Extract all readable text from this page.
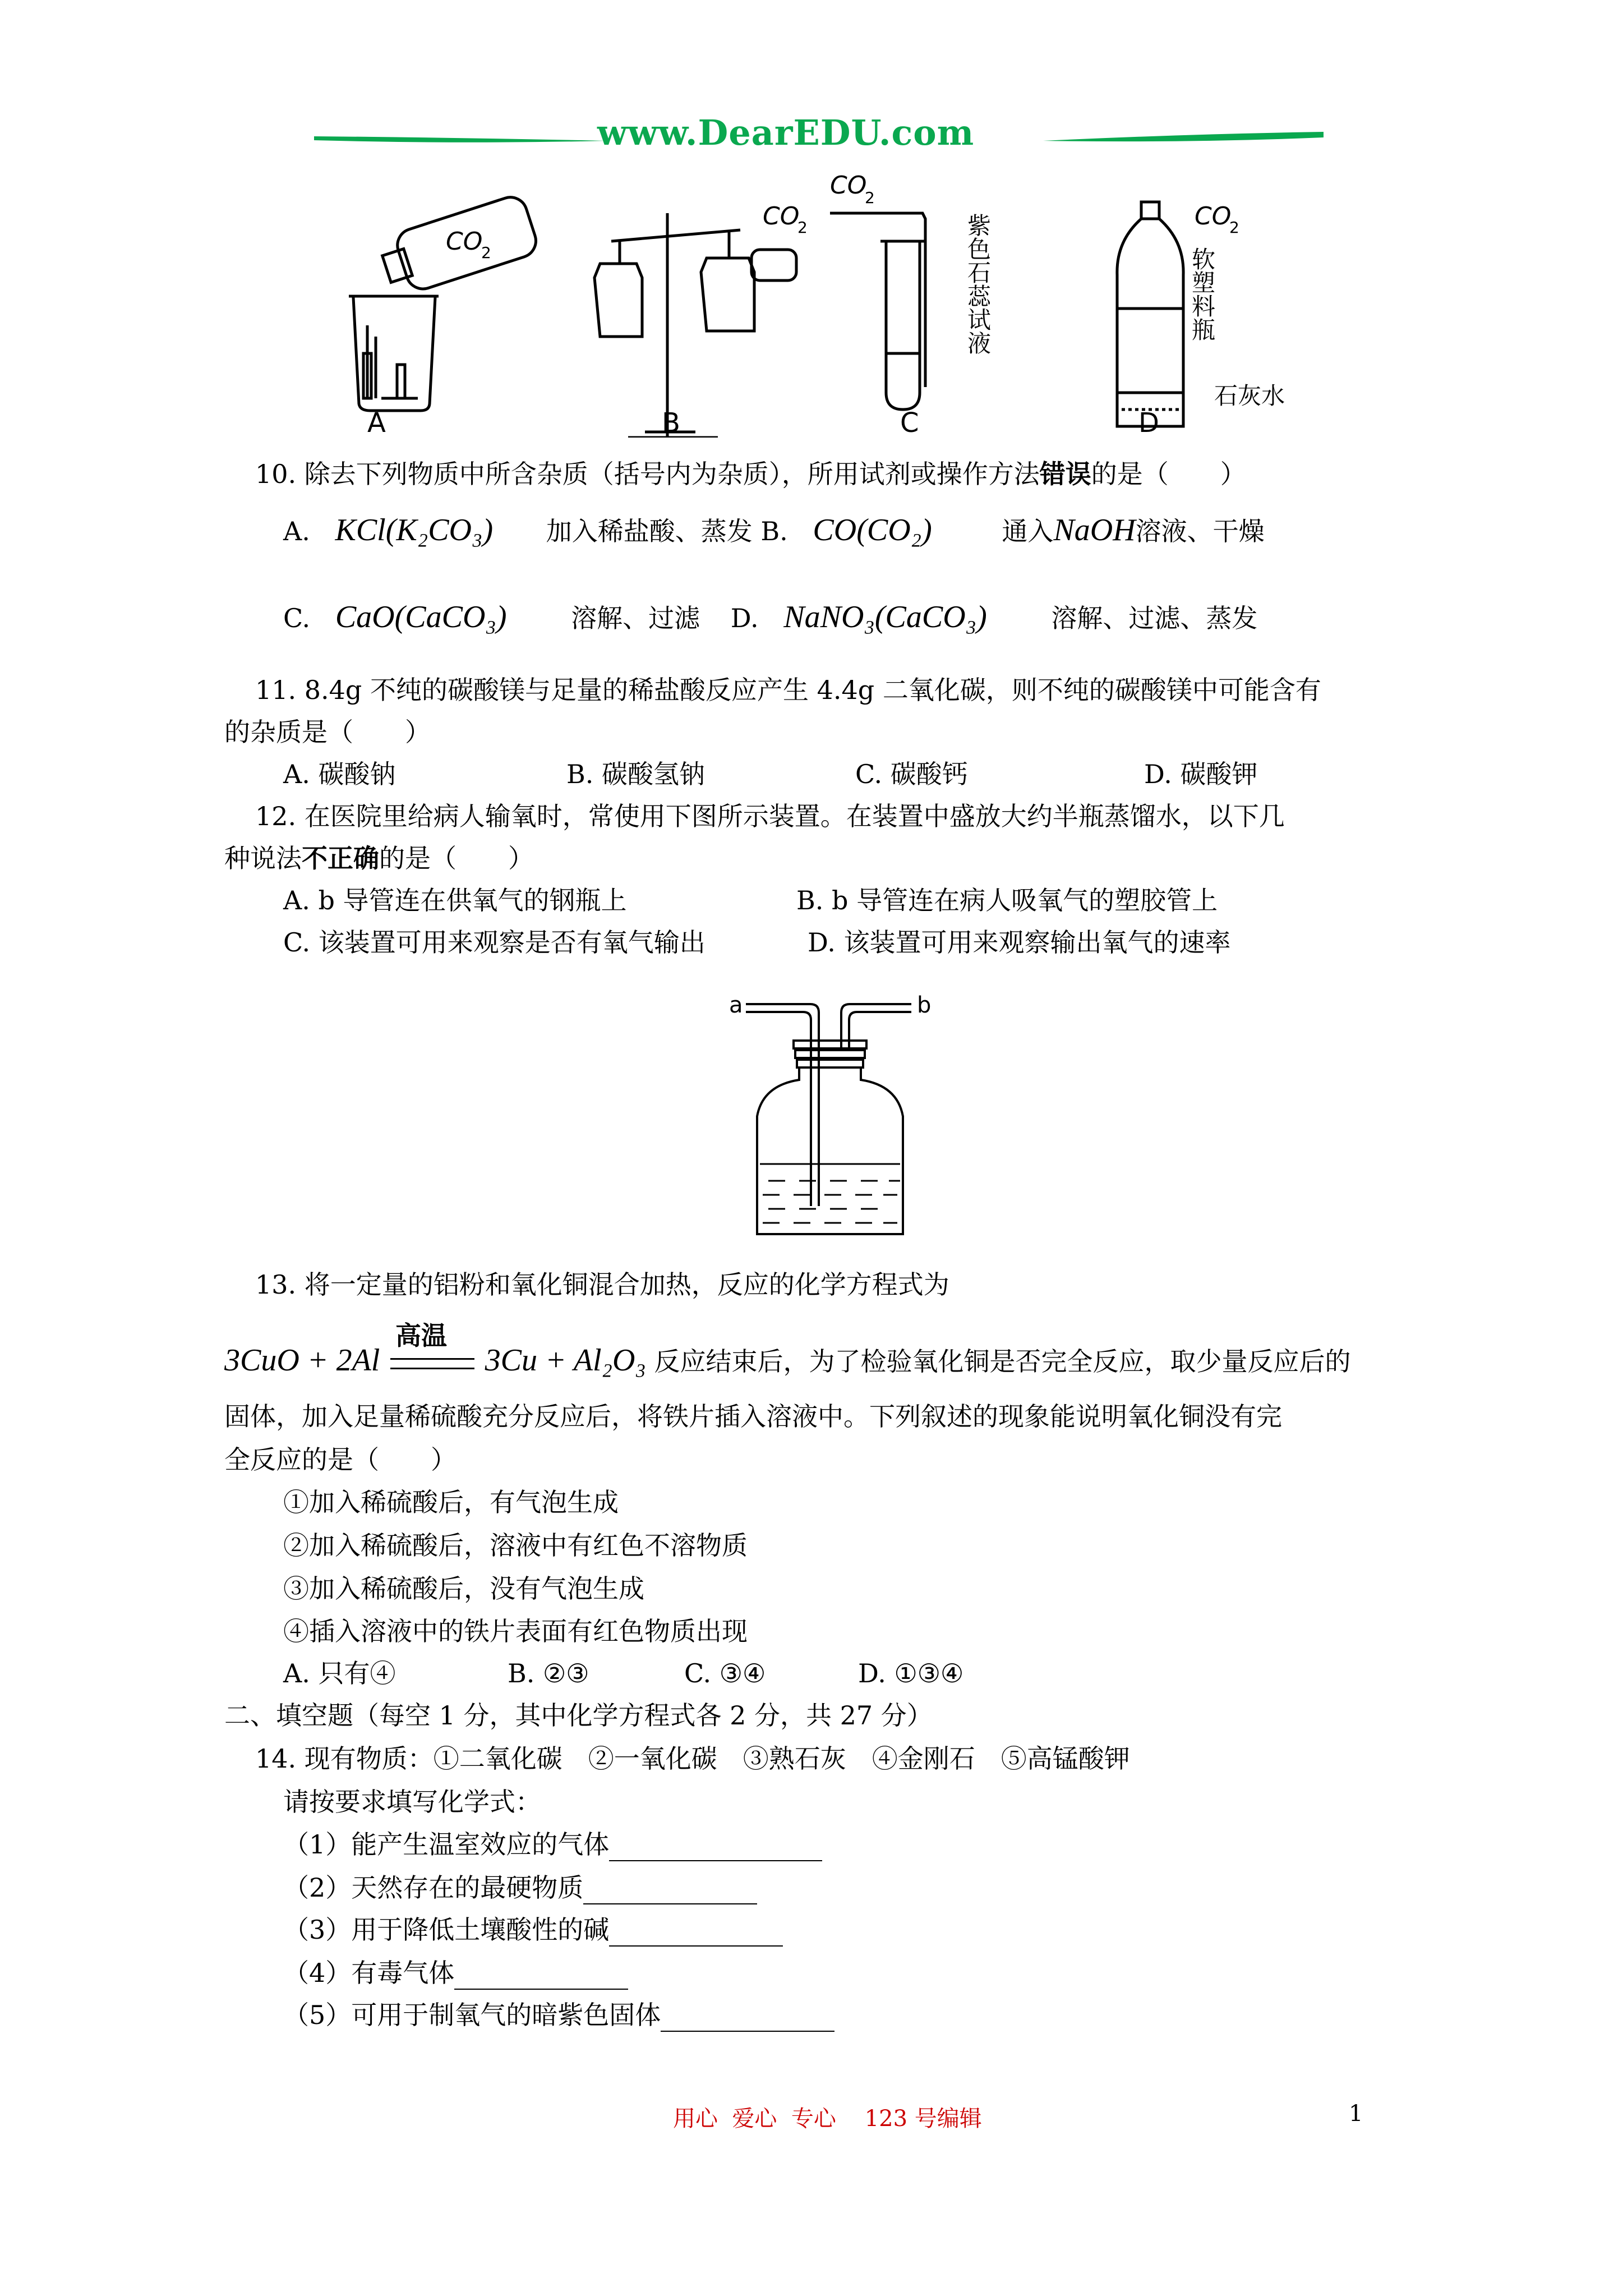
www.DearEDU.com
CO
2
CO
2
CO
2
CO
2
A	B	C	D
石灰水
紫色石蕊试液	软塑料瓶
10. 除去下列物质中所含杂质（括号内为杂质），所用试剂或操作方法错误的是（　　）
A. KCl(K₂CO₃) 加入稀盐酸、蒸发 B. CO(CO₂)	通入NaOH溶液、干燥
C. CaO(CaCO₃) 溶解、过滤 D. NaNO₃(CaCO₃) 溶解、过滤、蒸发
11. 8.4g 不纯的碳酸镁与足量的稀盐酸反应产生 4.4g 二氧化碳，则不纯的碳酸镁中可能含有
的杂质是（　　）
A. 碳酸钠	B. 碳酸氢钠	C. 碳酸钙	D. 碳酸钾
12. 在医院里给病人输氧时，常使用下图所示装置。在装置中盛放大约半瓶蒸馏水，以下几
种说法不正确的是（　　）
A. b 导管连在供氧气的钢瓶上	B. b 导管连在病人吸氧气的塑胶管上
C. 该装置可用来观察是否有氧气输出	D. 该装置可用来观察输出氧气的速率
a	b
13. 将一定量的铝粉和氧化铜混合加热，反应的化学方程式为
高温
3CuO + 2Al	3Cu + Al₂O₃ 反应结束后，为了检验氧化铜是否完全反应，取少量反应后的
固体，加入足量稀硫酸充分反应后，将铁片插入溶液中。下列叙述的现象能说明氧化铜没有完
全反应的是（　　）
①加入稀硫酸后，有气泡生成
②加入稀硫酸后，溶液中有红色不溶物质
③加入稀硫酸后，没有气泡生成
④插入溶液中的铁片表面有红色物质出现
A. 只有④	B. ②③	C. ③④	D. ①③④
二、填空题（每空 1 分，其中化学方程式各 2 分，共 27 分）
14. 现有物质：①二氧化碳　②一氧化碳　③熟石灰　④金刚石　⑤高锰酸钾
请按要求填写化学式：
（1）能产生温室效应的气体
（2）天然存在的最硬物质
（3）用于降低土壤酸性的碱
（4）有毒气体
（5）可用于制氧气的暗紫色固体
用心  爱心  专心    123 号编辑	1
